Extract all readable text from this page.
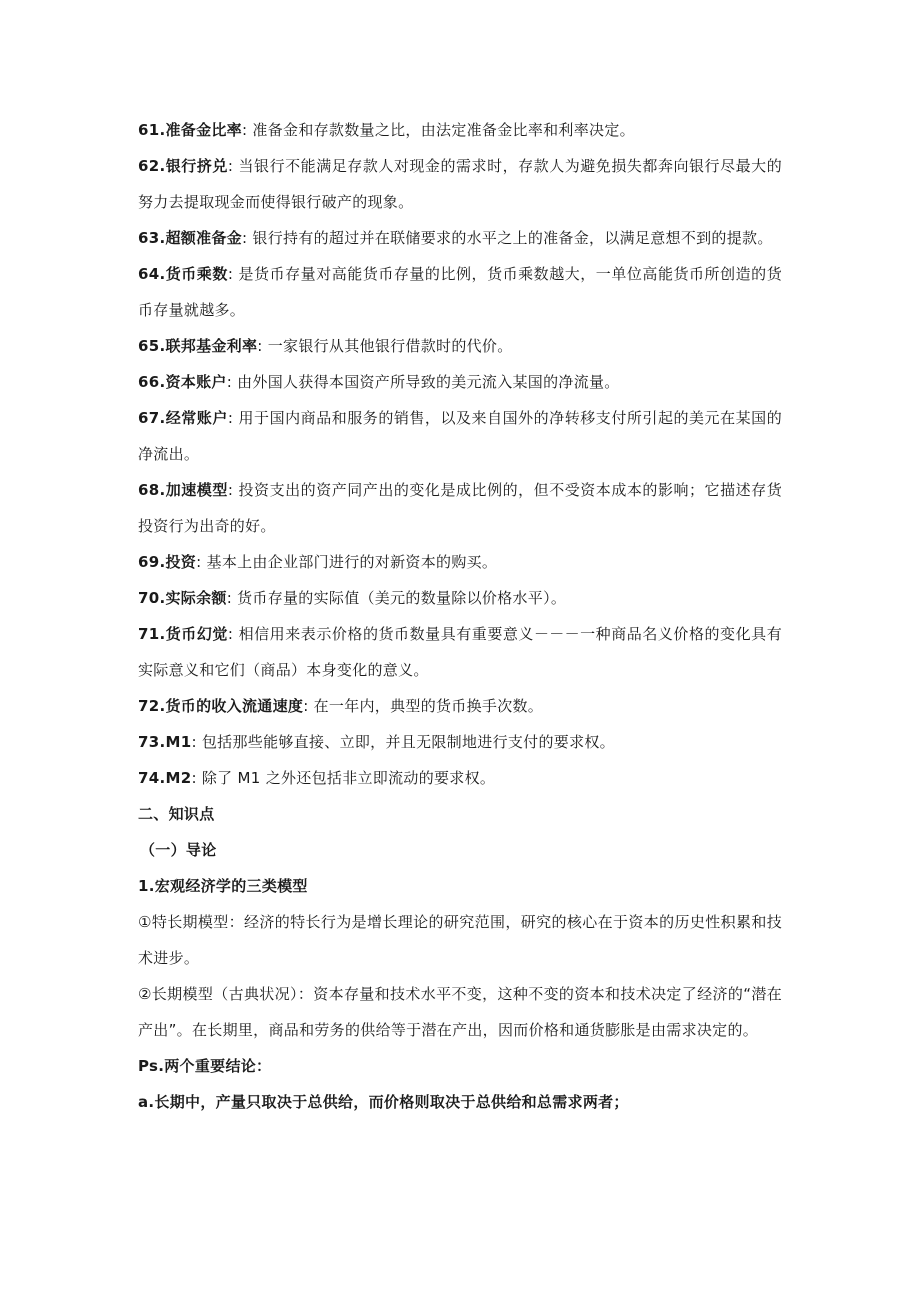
61.准备金比率: 准备金和存款数量之比，由法定准备金比率和利率决定。

62.银行挤兑: 当银行不能满足存款人对现金的需求时，存款人为避免损失都奔向银行尽最大的努力去提取现金而使得银行破产的现象。

63.超额准备金: 银行持有的超过并在联储要求的水平之上的准备金，以满足意想不到的提款。

64.货币乘数: 是货币存量对高能货币存量的比例，货币乘数越大，一单位高能货币所创造的货币存量就越多。

65.联邦基金利率: 一家银行从其他银行借款时的代价。

66.资本账户: 由外国人获得本国资产所导致的美元流入某国的净流量。

67.经常账户: 用于国内商品和服务的销售，以及来自国外的净转移支付所引起的美元在某国的净流出。

68.加速模型: 投资支出的资产同产出的变化是成比例的，但不受资本成本的影响；它描述存货投资行为出奇的好。

69.投资: 基本上由企业部门进行的对新资本的购买。

70.实际余额: 货币存量的实际值（美元的数量除以价格水平）。

71.货币幻觉: 相信用来表示价格的货币数量具有重要意义－－－一种商品名义价格的变化具有实际意义和它们（商品）本身变化的意义。

72.货币的收入流通速度: 在一年内，典型的货币换手次数。

73.M1: 包括那些能够直接、立即，并且无限制地进行支付的要求权。

74.M2: 除了 M1 之外还包括非立即流动的要求权。

二、知识点

（一）导论

1.宏观经济学的三类模型

①特长期模型：经济的特长行为是增长理论的研究范围，研究的核心在于资本的历史性积累和技术进步。

②长期模型（古典状况）：资本存量和技术水平不变，这种不变的资本和技术决定了经济的“潜在产出”。在长期里，商品和劳务的供给等于潜在产出，因而价格和通货膨胀是由需求决定的。

Ps.两个重要结论：

a.长期中，产量只取决于总供给，而价格则取决于总供给和总需求两者；
